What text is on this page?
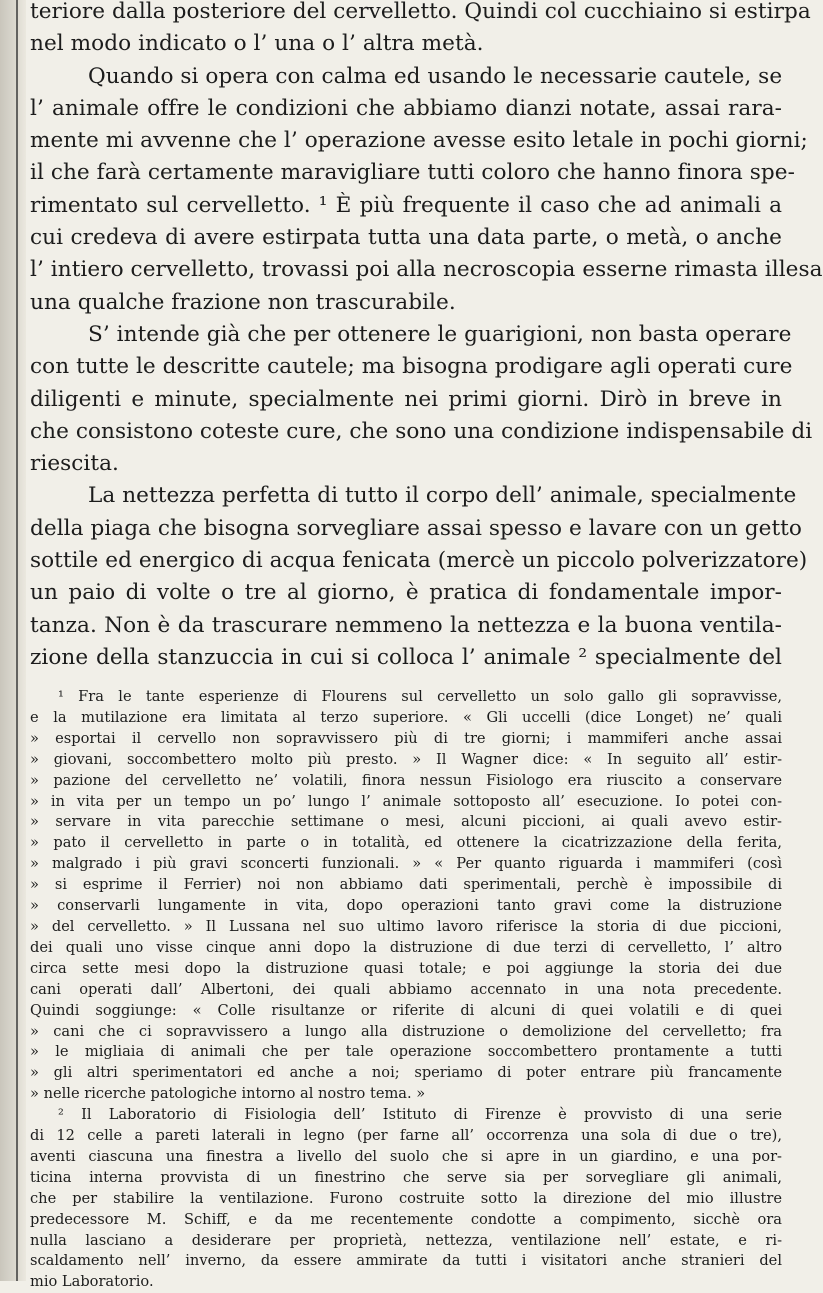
teriore dalla posteriore del cervelletto. Quindi col cucchiaino si estirpa

nel modo indicato o l’ una o l’ altra metà.

Quando si opera con calma ed usando le necessarie cautele, se

l’ animale offre le condizioni che abbiamo dianzi notate, assai rara-

mente mi avvenne che l’ operazione avesse esito letale in pochi giorni;

il che farà certamente maravigliare tutti coloro che hanno finora spe-

rimentato sul cervelletto. ¹ È più frequente il caso che ad animali a

cui credeva di avere estirpata tutta una data parte, o metà, o anche

l’ intiero cervelletto, trovassi poi alla necroscopia esserne rimasta illesa

una qualche frazione non trascurabile.

S’ intende già che per ottenere le guarigioni, non basta operare

con tutte le descritte cautele; ma bisogna prodigare agli operati cure

diligenti e minute, specialmente nei primi giorni. Dirò in breve in

che consistono coteste cure, che sono una condizione indispensabile di

riescita.

La nettezza perfetta di tutto il corpo dell’ animale, specialmente

della piaga che bisogna sorvegliare assai spesso e lavare con un getto

sottile ed energico di acqua fenicata (mercè un piccolo polverizzatore)

un paio di volte o tre al giorno, è pratica di fondamentale impor-

tanza. Non è da trascurare nemmeno la nettezza e la buona ventila-

zione della stanzuccia in cui si colloca l’ animale ² specialmente del

¹ Fra le tante esperienze di Flourens sul cervelletto un solo gallo gli sopravvisse,

e la mutilazione era limitata al terzo superiore. « Gli uccelli (dice Longet) ne’ quali

» esportai il cervello non sopravvissero più di tre giorni; i mammiferi anche assai

» giovani, soccombettero molto più presto. » Il Wagner dice: « In seguito all’ estir-

» pazione del cervelletto ne’ volatili, finora nessun Fisiologo era riuscito a conservare

» in vita per un tempo un po’ lungo l’ animale sottoposto all’ esecuzione. Io potei con-

» servare in vita parecchie settimane o mesi, alcuni piccioni, ai quali avevo estir-

» pato il cervelletto in parte o in totalità, ed ottenere la cicatrizzazione della ferita,

» malgrado i più gravi sconcerti funzionali. » « Per quanto riguarda i mammiferi (così

» si esprime il Ferrier) noi non abbiamo dati sperimentali, perchè è impossibile di

» conservarli lungamente in vita, dopo operazioni tanto gravi come la distruzione

» del cervelletto. » Il Lussana nel suo ultimo lavoro riferisce la storia di due piccioni,

dei quali uno visse cinque anni dopo la distruzione di due terzi di cervelletto, l’ altro

circa sette mesi dopo la distruzione quasi totale; e poi aggiunge la storia dei due

cani operati dall’ Albertoni, dei quali abbiamo accennato in una nota precedente.

Quindi soggiunge: « Colle risultanze or riferite di alcuni di quei volatili e di quei

» cani che ci sopravvissero a lungo alla distruzione o demolizione del cervelletto; fra

» le migliaia di animali che per tale operazione soccombettero prontamente a tutti

» gli altri sperimentatori ed anche a noi; speriamo di poter entrare più francamente

» nelle ricerche patologiche intorno al nostro tema. »

² Il Laboratorio di Fisiologia dell’ Istituto di Firenze è provvisto di una serie

di 12 celle a pareti laterali in legno (per farne all’ occorrenza una sola di due o tre),

aventi ciascuna una finestra a livello del suolo che si apre in un giardino, e una por-

ticina interna provvista di un finestrino che serve sia per sorvegliare gli animali,

che per stabilire la ventilazione. Furono costruite sotto la direzione del mio illustre

predecessore M. Schiff, e da me recentemente condotte a compimento, sicchè ora

nulla lasciano a desiderare per proprietà, nettezza, ventilazione nell’ estate, e ri-

scaldamento nell’ inverno, da essere ammirate da tutti i visitatori anche stranieri del

mio Laboratorio.
